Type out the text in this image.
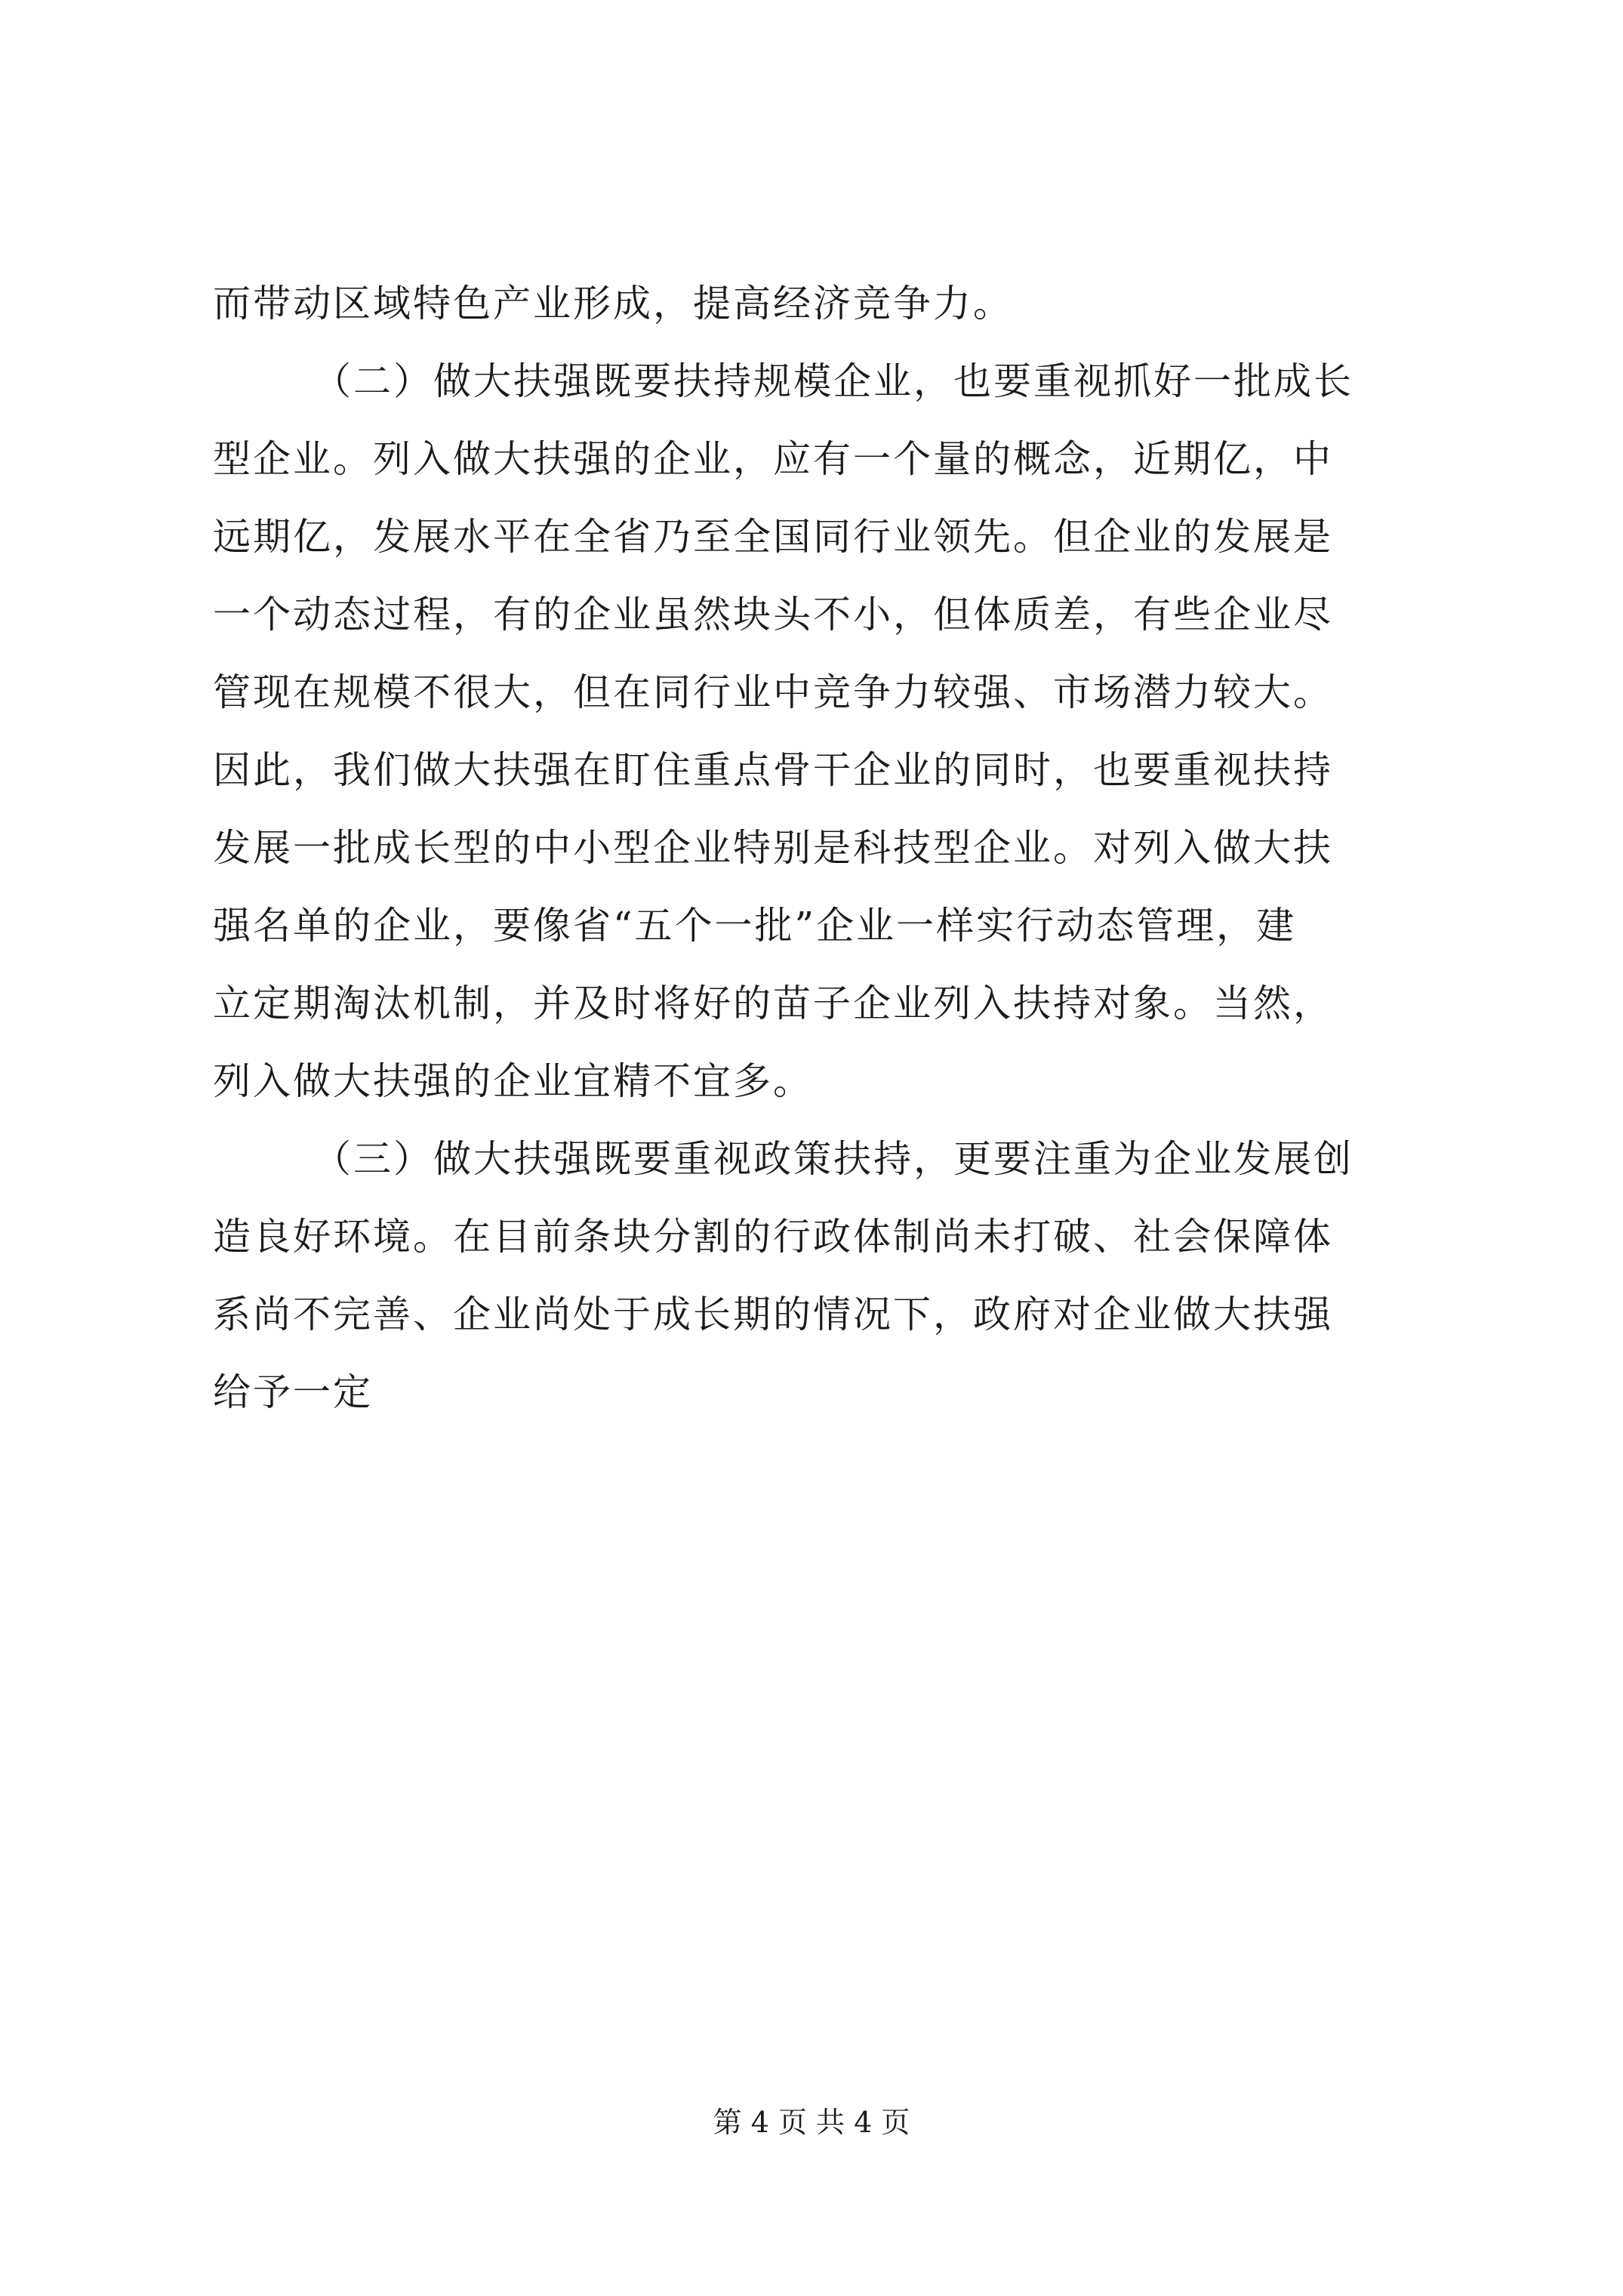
而带动区域特色产业形成，提高经济竞争力。
（二）做大扶强既要扶持规模企业，也要重视抓好一批成长
型企业。列入做大扶强的企业，应有一个量的概念，近期亿，中
远期亿，发展水平在全省乃至全国同行业领先。但企业的发展是
一个动态过程，有的企业虽然块头不小，但体质差，有些企业尽
管现在规模不很大，但在同行业中竞争力较强、市场潜力较大。
因此，我们做大扶强在盯住重点骨干企业的同时，也要重视扶持
发展一批成长型的中小型企业特别是科技型企业。对列入做大扶
强名单的企业，要像省“五个一批”企业一样实行动态管理，建
立定期淘汰机制，并及时将好的苗子企业列入扶持对象。当然，
列入做大扶强的企业宜精不宜多。
（三）做大扶强既要重视政策扶持，更要注重为企业发展创
造良好环境。在目前条块分割的行政体制尚未打破、社会保障体
系尚不完善、企业尚处于成长期的情况下，政府对企业做大扶强
给予一定
第 4 页 共 4 页
